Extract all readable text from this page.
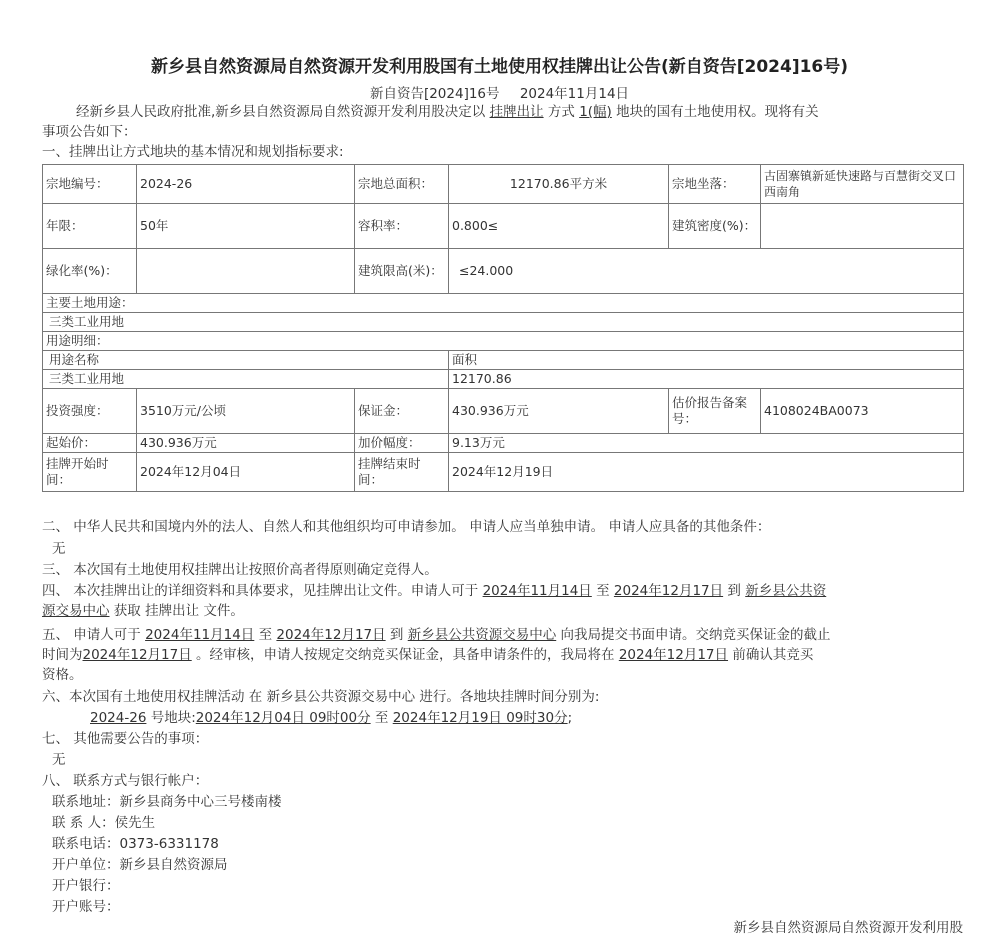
新乡县自然资源局自然资源开发利用股国有土地使用权挂牌出让公告(新自资告[2024]16号)
新自资告[2024]16号 2024年11月14日
经新乡县人民政府批准,新乡县自然资源局自然资源开发利用股决定以 挂牌出让 方式 1(幅) 地块的国有土地使用权。现将有关
事项公告如下：
一、挂牌出让方式地块的基本情况和规划指标要求:
宗地编号：	2024-26	宗地总面积：	12170.86平方米	宗地坐落：	古固寨镇新延快速路与百慧街交叉口西南角
年限：	50年	容积率：	0.800≤	建筑密度(%)：	
绿化率(%)：		建筑限高(米)：	≤24.000		
主要土地用途：					
三类工业用地					
用途明细：					
用途名称			面积		
三类工业用地			12170.86		
投资强度：	3510万元/公顷	保证金：	430.936万元	估价报告备案号：	4108024BA0073
起始价：	430.936万元	加价幅度：	9.13万元		
挂牌开始时间：	2024年12月04日	挂牌结束时间：	2024年12月19日		
二、 中华人民共和国境内外的法人、自然人和其他组织均可申请参加。 申请人应当单独申请。 申请人应具备的其他条件：
无
三、 本次国有土地使用权挂牌出让按照价高者得原则确定竞得人。
四、 本次挂牌出让的详细资料和具体要求，见挂牌出让文件。申请人可于 2024年11月14日 至 2024年12月17日 到 新乡县公共资
源交易中心 获取 挂牌出让 文件。
五、 申请人可于 2024年11月14日 至 2024年12月17日 到 新乡县公共资源交易中心 向我局提交书面申请。交纳竞买保证金的截止
时间为2024年12月17日 。经审核，申请人按规定交纳竞买保证金，具备申请条件的，我局将在 2024年12月17日 前确认其竞买
资格。
六、本次国有土地使用权挂牌活动 在 新乡县公共资源交易中心 进行。各地块挂牌时间分别为:
2024-26 号地块:2024年12月04日 09时00分 至 2024年12月19日 09时30分;
七、 其他需要公告的事项：
无
八、 联系方式与银行帐户：
联系地址：新乡县商务中心三号楼南楼
联 系 人：侯先生
联系电话：0373-6331178
开户单位：新乡县自然资源局
开户银行：
开户账号：
新乡县自然资源局自然资源开发利用股
